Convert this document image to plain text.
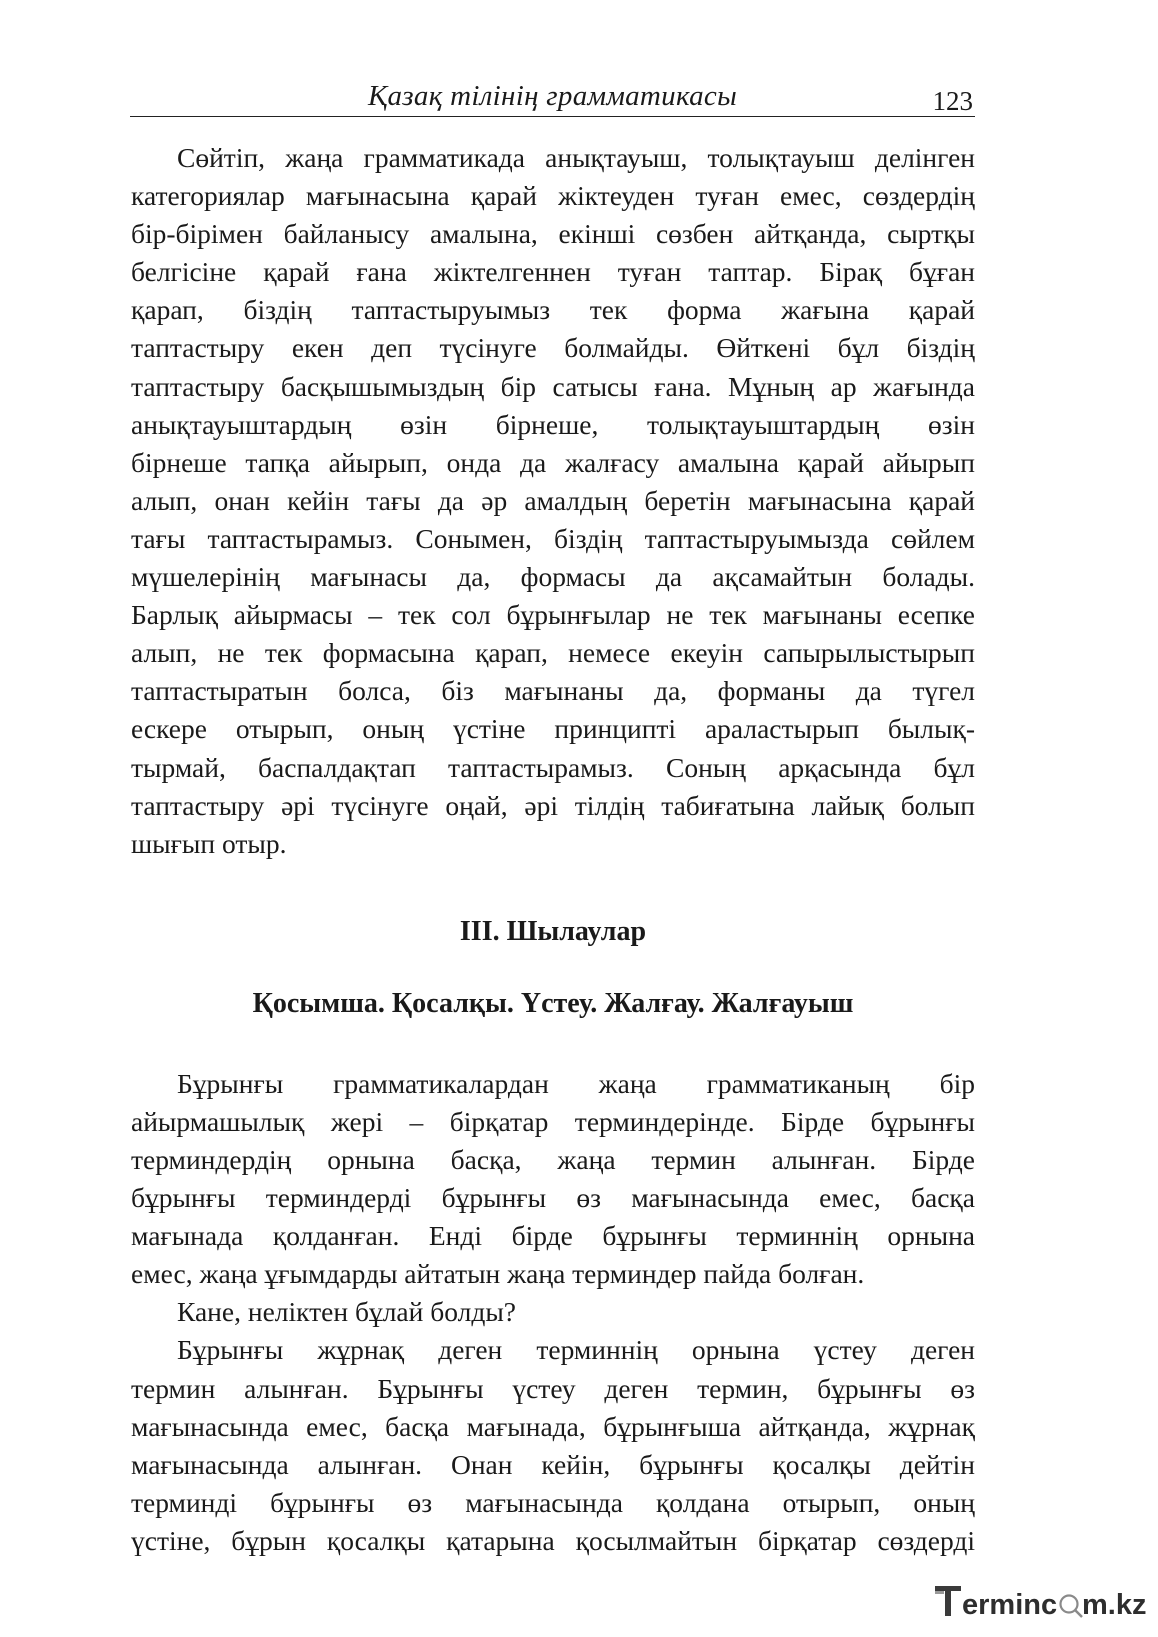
Қазақ тілінің грамматикасы	123
Сөйтіп, жаңа грамматикада анықтауыш, толықтауыш делінген
категориялар мағынасына қарай жіктеуден туған емес, сөздердің
бір-бірімен байланысу амалына, екінші сөзбен айтқанда, сыртқы
белгісіне қарай ғана жіктелгеннен туған таптар. Бірақ бұған
қарап, біздің таптастыруымыз тек форма жағына қарай
таптастыру екен деп түсінуге болмайды. Өйткені бұл біздің
таптастыру басқышымыздың бір сатысы ғана. Мұның ар жағында
анықтауыштардың өзін бірнеше, толықтауыштардың өзін
бірнеше тапқа айырып, онда да жалғасу амалына қарай айырып
алып, онан кейін тағы да әр амалдың беретін мағынасына қарай
тағы таптастырамыз. Сонымен, біздің таптастыруымызда сөйлем
мүшелерінің мағынасы да, формасы да ақсамайтын болады.
Барлық айырмасы – тек сол бұрынғылар не тек мағынаны есепке
алып, не тек формасына қарап, немесе екеуін сапырылыстырып
таптастыратын болса, біз мағынаны да, форманы да түгел
ескере отырып, оның үстіне принципті араластырып былық-
тырмай, баспалдақтап таптастырамыз. Соның арқасында бұл
таптастыру әрі түсінуге оңай, әрі тілдің табиғатына лайық болып
шығып отыр.
III. Шылаулар
Қосымша. Қосалқы. Үстеу. Жалғау. Жалғауыш
Бұрынғы грамматикалардан жаңа грамматиканың бір
айырмашылық жері – бірқатар терминдерінде. Бірде бұрынғы
терминдердің орнына басқа, жаңа термин алынған. Бірде
бұрынғы терминдерді бұрынғы өз мағынасында емес, басқа
мағынада қолданған. Енді бірде бұрынғы терминнің орнына
емес, жаңа ұғымдарды айтатын жаңа терминдер пайда болған.
Кане, неліктен бұлай болды?
Бұрынғы жұрнақ деген терминнің орнына үстеу деген
термин алынған. Бұрынғы үстеу деген термин, бұрынғы өз
мағынасында емес, басқа мағынада, бұрынғыша айтқанда, жұрнақ
мағынасында алынған. Онан кейін, бұрынғы қосалқы дейтін
терминді бұрынғы өз мағынасында қолдана отырып, оның
үстіне, бұрын қосалқы қатарына қосылмайтын бірқатар сөздерді
erminc m.kz
